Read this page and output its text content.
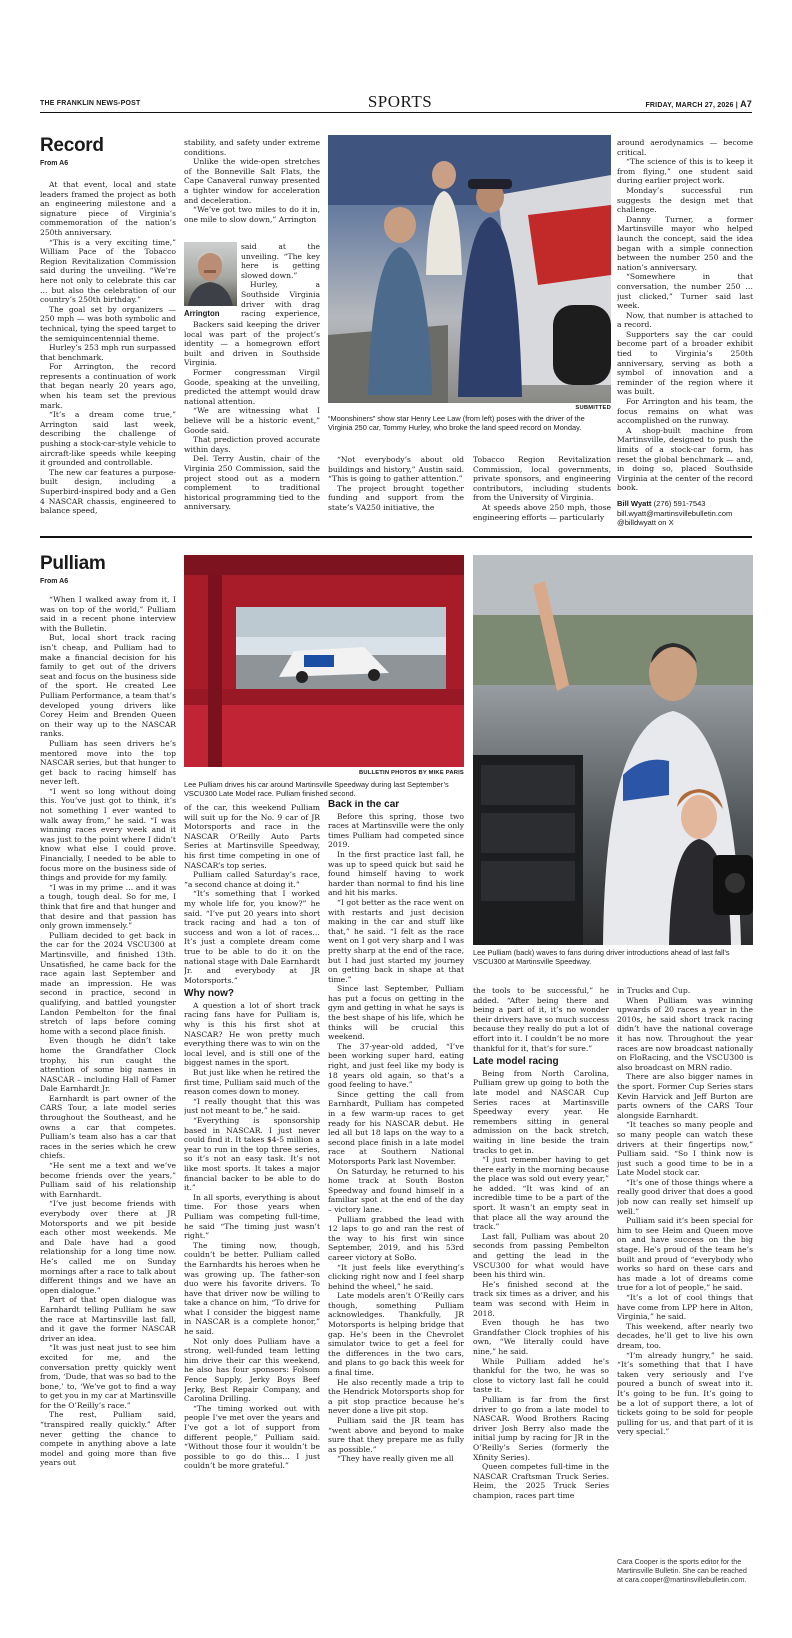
THE FRANKLIN NEWS-POST	SPORTS	FRIDAY, MARCH 27, 2026 | A7
Record
From A6

At that event, local and state leaders framed the project as both an engineering milestone and a signature piece of Virginia’s commemoration of the nation’s 250th anniversary.

“This is a very exciting time,” William Pace of the Tobacco Region Revitalization Commission said during the unveiling. “We’re here not only to celebrate this car … but also the celebration of our country’s 250th birthday.”

The goal set by organizers — 250 mph — was both symbolic and technical, tying the speed target to the semiquincentennial theme.

Hurley’s 253 mph run surpassed that benchmark.

For Arrington, the record represents a continuation of work that began nearly 20 years ago, when his team set the previous mark.

“It’s a dream come true,” Arrington said last week, describing the challenge of pushing a stock-car-style vehicle to aircraft-like speeds while keeping it grounded and controllable.

The new car features a purpose-built design, including a Superbird-inspired body and a Gen 4 NASCAR chassis, engineered to balance speed,

stability, and safety under extreme conditions.

Unlike the wide-open stretches of the Bonneville Salt Flats, the Cape Canaveral runway presented a tighter window for acceleration and deceleration.

“We’ve got two miles to do it in, one mile to slow down,” Arrington

Arrington

said at the unveiling. “The key here is getting slowed down.”

Hurley, a Southside Virginia driver with drag racing experience,

Backers said keeping the driver local was part of the project’s identity — a homegrown effort built and driven in Southside Virginia.

Former congressman Virgil Goode, speaking at the unveiling, predicted the attempt would draw national attention.

“We are witnessing what I believe will be a historic event,” Goode said.

That prediction proved accurate within days.

Del. Terry Austin, chair of the Virginia 250 Commission, said the project stood out as a modern complement to traditional historical programming tied to the anniversary.

SUBMITTED
“Moonshiners” show star Henry Lee Law (from left) poses with the driver of the Virginia 250 car, Tommy Hurley, who broke the land speed record on Monday.

“Not everybody’s about old buildings and history,” Austin said. “This is going to gather attention.”

The project brought together funding and support from the state’s VA250 initiative, the

Tobacco Region Revitalization Commission, local governments, private sponsors, and engineering contributors, including students from the University of Virginia.

At speeds above 250 mph, those engineering efforts — particularly

around aerodynamics — become critical.

“The science of this is to keep it from flying,” one student said during earlier project work.

Monday’s successful run suggests the design met that challenge.

Danny Turner, a former Martinsville mayor who helped launch the concept, said the idea began with a simple connection between the number 250 and the nation’s anniversary.

“Somewhere in that conversation, the number 250 … just clicked,” Turner said last week.

Now, that number is attached to a record.

Supporters say the car could become part of a broader exhibit tied to Virginia’s 250th anniversary, serving as both a symbol of innovation and a reminder of the region where it was built.

For Arrington and his team, the focus remains on what was accomplished on the runway.

A shop-built machine from Martinsville, designed to push the limits of a stock-car form, has reset the global benchmark — and, in doing so, placed Southside Virginia at the center of the record book.

Bill Wyatt (276) 591-7543
bill.wyatt@martinsvillebulletin.com
@billdwyatt on X
Pulliam
From A6

“When I walked away from it, I was on top of the world,” Pulliam said in a recent phone interview with the Bulletin.

But, local short track racing isn’t cheap, and Pulliam had to make a financial decision for his family to get out of the drivers seat and focus on the business side of the sport. He created Lee Pulliam Performance, a team that’s developed young drivers like Corey Heim and Brenden Queen on their way up to the NASCAR ranks.

Pulliam has seen drivers he’s mentored move into the top NASCAR series, but that hunger to get back to racing himself has never left.

“I went so long without doing this. You’ve just got to think, it’s not something I ever wanted to walk away from,” he said. “I was winning races every week and it was just to the point where I didn’t know what else I could prove. Financially, I needed to be able to focus more on the business side of things and provide for my family.

“I was in my prime … and it was a tough, tough deal. So for me, I think that fire and that hunger and that desire and that passion has only grown immensely.”

Pulliam decided to get back in the car for the 2024 VSCU300 at Martinsville, and finished 13th. Unsatisfied, he came back for the race again last September and made an impression. He was second in practice, second in qualifying, and battled youngster Landon Pembelton for the final stretch of laps before coming home with a second place finish.

Even though he didn’t take home the Grandfather Clock trophy, his run caught the attention of some big names in NASCAR – including Hall of Famer Dale Earnhardt Jr.

Earnhardt is part owner of the CARS Tour, a late model series throughout the Southeast, and he owns a car that competes. Pulliam’s team also has a car that races in the series which he crew chiefs.

“He sent me a text and we’ve become friends over the years,” Pulliam said of his relationship with Earnhardt.

“I’ve just become friends with everybody over there at JR Motorsports and we pit beside each other most weekends. Me and Dale have had a good relationship for a long time now. He’s called me on Sunday mornings after a race to talk about different things and we have an open dialogue.”

Part of that open dialogue was Earnhardt telling Pulliam he saw the race at Martinsville last fall, and it gave the former NASCAR driver an idea.

“It was just neat just to see him excited for me, and the conversation pretty quickly went from, ‘Dude, that was so bad to the bone,’ to, ‘We’ve got to find a way to get you in my car at Martinsville for the O’Reilly’s race.”

The rest, Pulliam said, “transpired really quickly.” After never getting the chance to compete in anything above a late model and going more than five years out

BULLETIN PHOTOS BY MIKE PARIS
Lee Pulliam drives his car around Martinsville Speedway during last September’s VSCU300 Late Model race. Pulliam finished second.
Lee Pulliam (back) waves to fans during driver introductions ahead of last fall’s VSCU300 at Martinsville Speedway.

of the car, this weekend Pulliam will suit up for the No. 9 car of JR Motorsports and race in the NASCAR O’Reilly Auto Parts Series at Martinsville Speedway, his first time competing in one of NASCAR’s top series.

Pulliam called Saturday’s race, “a second chance at doing it.”

“It’s something that I worked my whole life for, you know?” he said. “I’ve put 20 years into short track racing and had a ton of success and won a lot of races… It’s just a complete dream come true to be able to do it on the national stage with Dale Earnhardt Jr. and everybody at JR Motorsports.”

Why now?

A question a lot of short track racing fans have for Pulliam is, why is this his first shot at NASCAR? He won pretty much everything there was to win on the local level, and is still one of the biggest names in the sport.

But just like when he retired the first time, Pulliam said much of the reason comes down to money.

“I really thought that this was just not meant to be,” he said.

“Everything is sponsorship based in NASCAR. I just never could find it. It takes $4-5 million a year to run in the top three series, so it’s not an easy task. It’s not like most sports. It takes a major financial backer to be able to do it.”

In all sports, everything is about time. For those years when Pulliam was competing full-time, he said “The timing just wasn’t right.”

The timing now, though, couldn’t be better. Pulliam called the Earnhardts his heroes when he was growing up. The father-son duo were his favorite drivers. To have that driver now be willing to take a chance on him, “To drive for what I consider the biggest name in NASCAR is a complete honor,” he said.

Not only does Pulliam have a strong, well-funded team letting him drive their car this weekend, he also has four sponsors: Folsom Fence Supply, Jerky Boys Beef Jerky, Best Repair Company, and Carolina Drilling.

“The timing worked out with people I’ve met over the years and I’ve got a lot of support from different people,” Pulliam said. “Without those four it wouldn’t be possible to go do this… I just couldn’t be more grateful.”

Back in the car

Before this spring, those two races at Martinsville were the only times Pulliam had competed since 2019.

In the first practice last fall, he was up to speed quick but said he found himself having to work harder than normal to find his line and hit his marks.

“I got better as the race went on with restarts and just decision making in the car and stuff like that,” he said. “I felt as the race went on I got very sharp and I was pretty sharp at the end of the race, but I had just started my journey on getting back in shape at that time.”

Since last September, Pulliam has put a focus on getting in the gym and getting in what he says is the best shape of his life, which he thinks will be crucial this weekend.

The 37-year-old added, “I’ve been working super hard, eating right, and just feel like my body is 18 years old again, so that’s a good feeling to have.”

Since getting the call from Earnhardt, Pulliam has competed in a few warm-up races to get ready for his NASCAR debut. He led all but 18 laps on the way to a second place finish in a late model race at Southern National Motorsports Park last November.

On Saturday, he returned to his home track at South Boston Speedway and found himself in a familiar spot at the end of the day – victory lane.

Pulliam grabbed the lead with 12 laps to go and ran the rest of the way to his first win since September, 2019, and his 53rd career victory at SoBo.

“It just feels like everything’s clicking right now and I feel sharp behind the wheel,” he said.

Late models aren’t O’Reilly cars though, something Pulliam acknowledges. Thankfully, JR Motorsports is helping bridge that gap. He’s been in the Chevrolet simulator twice to get a feel for the differences in the two cars, and plans to go back this week for a final time.

He also recently made a trip to the Hendrick Motorsports shop for a pit stop practice because he’s never done a live pit stop.

Pulliam said the JR team has “went above and beyond to make sure that they prepare me as fully as possible.”

“They have really given me all

the tools to be successful,” he added. “After being there and being a part of it, it’s no wonder their drivers have so much success because they really do put a lot of effort into it. I couldn’t be no more thankful for it, that’s for sure.”

Late model racing

Being from North Carolina, Pulliam grew up going to both the late model and NASCAR Cup Series races at Martinsville Speedway every year. He remembers sitting in general admission on the back stretch, waiting in line beside the train tracks to get in.

“I just remember having to get there early in the morning because the place was sold out every year,” he added. “It was kind of an incredible time to be a part of the sport. It wasn’t an empty seat in that place all the way around the track.”

Last fall, Pulliam was about 20 seconds from passing Pembelton and getting the lead in the VSCU300 for what would have been his third win.

He’s finished second at the track six times as a driver, and his team was second with Heim in 2018.

Even though he has two Grandfather Clock trophies of his own, “We literally could have nine,” he said.

While Pulliam added he’s thankful for the two, he was so close to victory last fall he could taste it.

Pulliam is far from the first driver to go from a late model to NASCAR. Wood Brothers Racing driver Josh Berry also made the initial jump by racing for JR in the O’Reilly’s Series (formerly the Xfinity Series).

Queen competes full-time in the NASCAR Craftsman Truck Series. Heim, the 2025 Truck Series champion, races part time

in Trucks and Cup.

When Pulliam was winning upwards of 20 races a year in the 2010s, he said short track racing didn’t have the national coverage it has now. Throughout the year races are now broadcast nationally on FloRacing, and the VSCU300 is also broadcast on MRN radio.

There are also bigger names in the sport. Former Cup Series stars Kevin Harvick and Jeff Burton are parts owners of the CARS Tour alongside Earnhardt.

“It teaches so many people and so many people can watch these drivers at their fingertips now,” Pulliam said. “So I think now is just such a good time to be in a Late Model stock car.

“It’s one of those things where a really good driver that does a good job now can really set himself up well.”

Pulliam said it’s been special for him to see Heim and Queen move on and have success on the big stage. He’s proud of the team he’s built and proud of “everybody who works so hard on these cars and has made a lot of dreams come true for a lot of people,” he said.

“It’s a lot of cool things that have come from LPP here in Alton, Virginia,” he said.

This weekend, after nearly two decades, he’ll get to live his own dream, too.

“I’m already hungry,” he said. “It’s something that that I have taken very seriously and I’ve poured a bunch of sweat into it. It’s going to be fun. It’s going to be a lot of support there, a lot of tickets going to be sold for people pulling for us, and that part of it is very special.”

Cara Cooper is the sports editor for the Martinsville Bulletin. She can be reached at cara.cooper@martinsvillebulletin.com.
